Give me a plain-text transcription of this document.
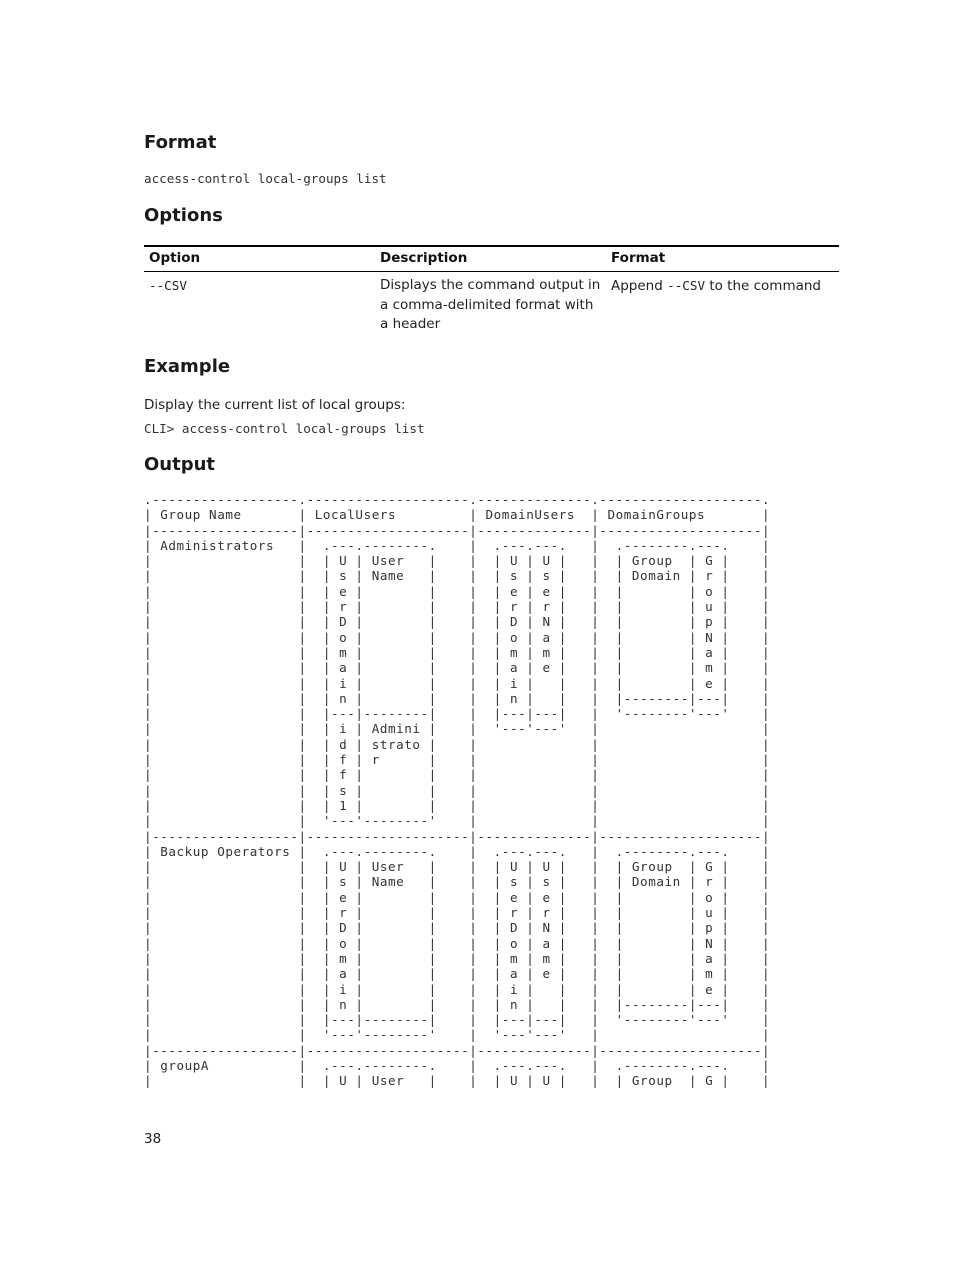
Format
access-control local-groups list
Options
Option	Description	Format
--CSV	Displays the command output in a comma-delimited format with a header	Append --CSV to the command
Example
Display the current list of local groups:
CLI> access-control local-groups list
Output
.------------------.--------------------.--------------.--------------------.
| Group Name       | LocalUsers         | DomainUsers  | DomainGroups       |
|------------------|--------------------|--------------|--------------------|
| Administrators   |  .---.--------.    |  .---.---.   |  .--------.---.    |
|                  |  | U | User   |    |  | U | U |   |  | Group  | G |    |
|                  |  | s | Name   |    |  | s | s |   |  | Domain | r |    |
|                  |  | e |        |    |  | e | e |   |  |        | o |    |
|                  |  | r |        |    |  | r | r |   |  |        | u |    |
|                  |  | D |        |    |  | D | N |   |  |        | p |    |
|                  |  | o |        |    |  | o | a |   |  |        | N |    |
|                  |  | m |        |    |  | m | m |   |  |        | a |    |
|                  |  | a |        |    |  | a | e |   |  |        | m |    |
|                  |  | i |        |    |  | i |   |   |  |        | e |    |
|                  |  | n |        |    |  | n |   |   |  |--------|---|    |
|                  |  |---|--------|    |  |---|---|   |  '--------'---'    |
|                  |  | i | Admini |    |  '---'---'   |                    |
|                  |  | d | strato |    |              |                    |
|                  |  | f | r      |    |              |                    |
|                  |  | f |        |    |              |                    |
|                  |  | s |        |    |              |                    |
|                  |  | 1 |        |    |              |                    |
|                  |  '---'--------'    |              |                    |
|------------------|--------------------|--------------|--------------------|
| Backup Operators |  .---.--------.    |  .---.---.   |  .--------.---.    |
|                  |  | U | User   |    |  | U | U |   |  | Group  | G |    |
|                  |  | s | Name   |    |  | s | s |   |  | Domain | r |    |
|                  |  | e |        |    |  | e | e |   |  |        | o |    |
|                  |  | r |        |    |  | r | r |   |  |        | u |    |
|                  |  | D |        |    |  | D | N |   |  |        | p |    |
|                  |  | o |        |    |  | o | a |   |  |        | N |    |
|                  |  | m |        |    |  | m | m |   |  |        | a |    |
|                  |  | a |        |    |  | a | e |   |  |        | m |    |
|                  |  | i |        |    |  | i |   |   |  |        | e |    |
|                  |  | n |        |    |  | n |   |   |  |--------|---|    |
|                  |  |---|--------|    |  |---|---|   |  '--------'---'    |
|                  |  '---'--------'    |  '---'---'   |                    |
|------------------|--------------------|--------------|--------------------|
| groupA           |  .---.--------.    |  .---.---.   |  .--------.---.    |
|                  |  | U | User   |    |  | U | U |   |  | Group  | G |    |
38
